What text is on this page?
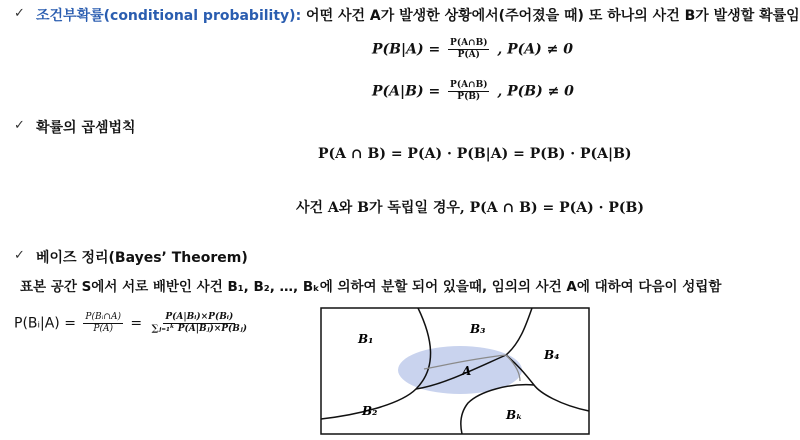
✓ 조건부확률(conditional probability): 어떤 사건 A가 발생한 상황에서(주어졌을 때) 또 하나의 사건 B가 발생할 확률임
$P(B|A) = \frac{P(A\cap B)}{P(A)}$ , P(A) ≠ 0
$P(A|B) = \frac{P(A\cap B)}{P(B)}$ , P(B) ≠ 0
✓ 확률의 곱셈법칙
P(A ∩ B) = P(A) · P(B|A) = P(B) · P(A|B)
사건 A와 B가 독립일 경우, P(A ∩ B) = P(A) · P(B)
✓ 베이즈 정리(Bayes’ Theorem)
표본 공간 S에서 서로 배반인 사건 B₁, B₂, …, Bₖ에 의하여 분할 되어 있을때, 임의의 사건 A에 대하여 다음이 성립함
P(Bᵢ|A) = $\frac{\text{P(Bᵢ∩A)}}{P(A)} = \frac{\text{P(A|Bᵢ)×P(Bᵢ)}}{\text{∑ⱼ₌₁ᵏ P(A|Bⱼ)×P(Bⱼ)}}$
B₁
B₃
B₄
A
B₂	Bₖ
